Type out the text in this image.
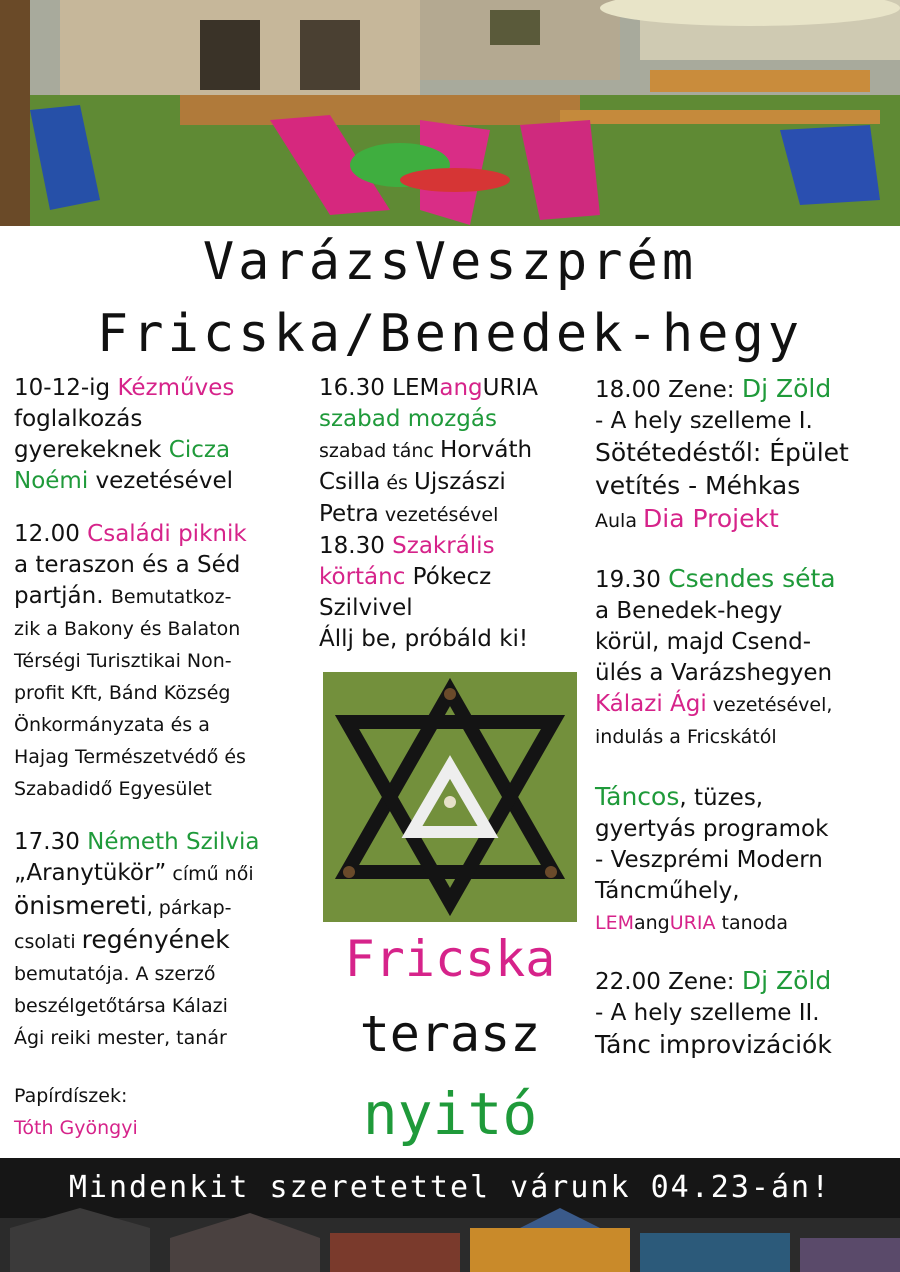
VarázsVeszprém
Fricska/Benedek-hegy

10-12-ig Kézműves
foglalkozás
gyerekeknek Cicza
Noémi vezetésével

12.00 Családi piknik
a teraszon és a Séd
partján. Bemutatkoz-
zik a Bakony és Balaton
Térségi Turisztikai Non-
profit Kft, Bánd Község
Önkormányzata és a
Hajag Természetvédő és
Szabadidő Egyesület

17.30 Németh Szilvia
„Aranytükör” című női
önismereti, párkap-
csolati regényének
bemutatója. A szerző
beszélgetőtársa Kálazi
Ági reiki mester, tanár

Papírdíszek:
Tóth Gyöngyi

16.30 LEMangURIA
szabad mozgás
szabad tánc Horváth
Csilla és Ujszászi
Petra vezetésével
18.30 Szakrális
körtánc Pókecz
Szilvivel
Állj be, próbáld ki!

Fricska
terasz
nyitó

18.00 Zene: Dj Zöld
- A hely szelleme I.
Sötétedéstől: Épület
vetítés - Méhkas
Aula Dia Projekt

19.30 Csendes séta
a Benedek-hegy
körül, majd Csend-
ülés a Varázshegyen
Kálazi Ági vezetésével,
indulás a Fricskától

Táncos, tüzes,
gyertyás programok
- Veszprémi Modern
Táncműhely,
LEMangURIA tanoda

22.00 Zene: Dj Zöld
- A hely szelleme II.
Tánc improvizációk

Mindenkit szeretettel várunk 04.23-án!
